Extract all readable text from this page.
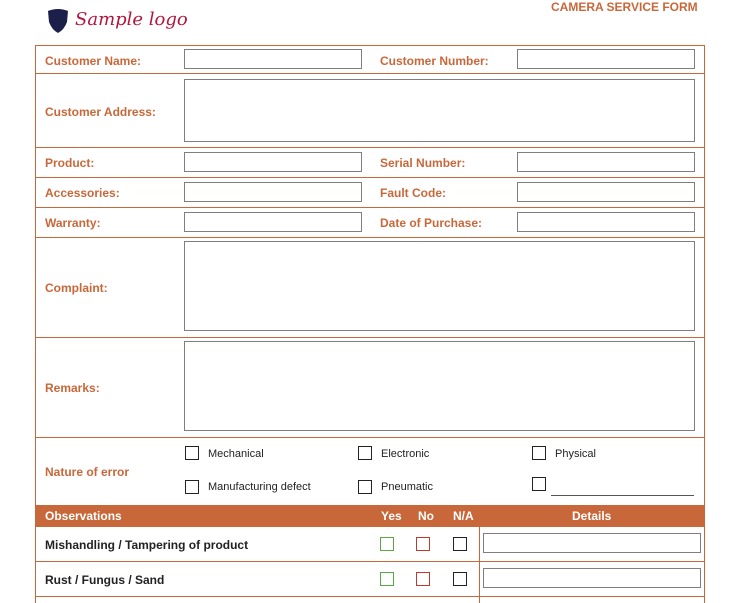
Sample logo
CAMERA SERVICE FORM
Customer Name:	Customer Number:
Customer Address:
Product:	Serial Number:
Accessories:	Fault Code:
Warranty:	Date of Purchase:
Complaint:
Remarks:
Nature of error
Mechanical	Electronic	Physical
Manufacturing defect	Pneumatic
Observations	Yes No N/A	Details
Mishandling / Tampering of product
Rust / Fungus / Sand
